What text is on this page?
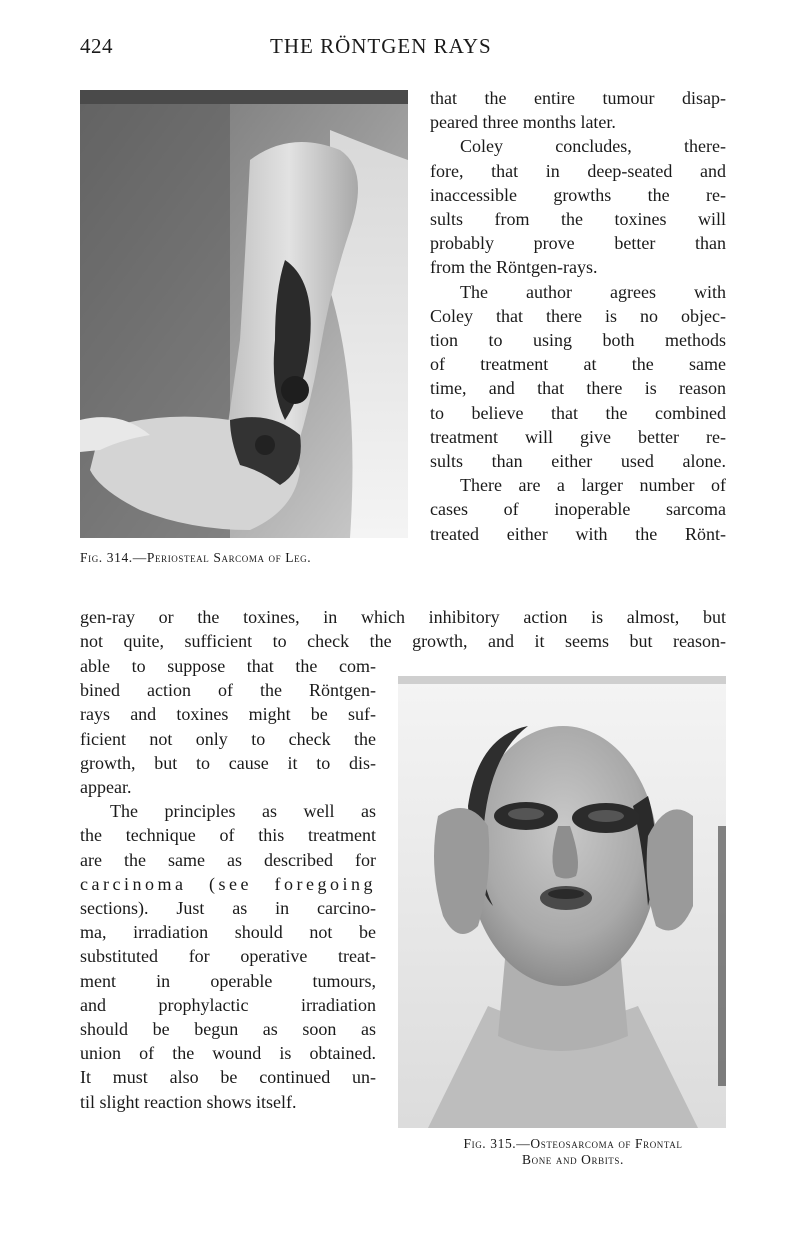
424	THE RÖNTGEN RAYS
Fig. 314.—Periosteal Sarcoma of Leg.
that the entire tumour disap-
peared three months later.
Coley concludes, there-
fore, that in deep-seated and
inaccessible growths the re-
sults from the toxines will
probably prove better than
from the Röntgen-rays.
The author agrees with
Coley that there is no objec-
tion to using both methods
of treatment at the same
time, and that there is reason
to believe that the combined
treatment will give better re-
sults than either used alone.
There are a larger number of
cases of inoperable sarcoma
treated either with the Rönt-
gen-ray or the toxines, in which inhibitory action is almost, but
not quite, sufficient to check the growth, and it seems but reason-
able to suppose that the com-
bined action of the Röntgen-
rays and toxines might be suf-
ficient not only to check the
growth, but to cause it to dis-
appear.
The principles as well as
the technique of this treatment
are the same as described for
carcinoma (see foregoing
sections). Just as in carcino-
ma, irradiation should not be
substituted for operative treat-
ment in operable tumours,
and prophylactic irradiation
should be begun as soon as
union of the wound is obtained.
It must also be continued un-
til slight reaction shows itself.
Fig. 315.—Osteosarcoma of Frontal
Bone and Orbits.
